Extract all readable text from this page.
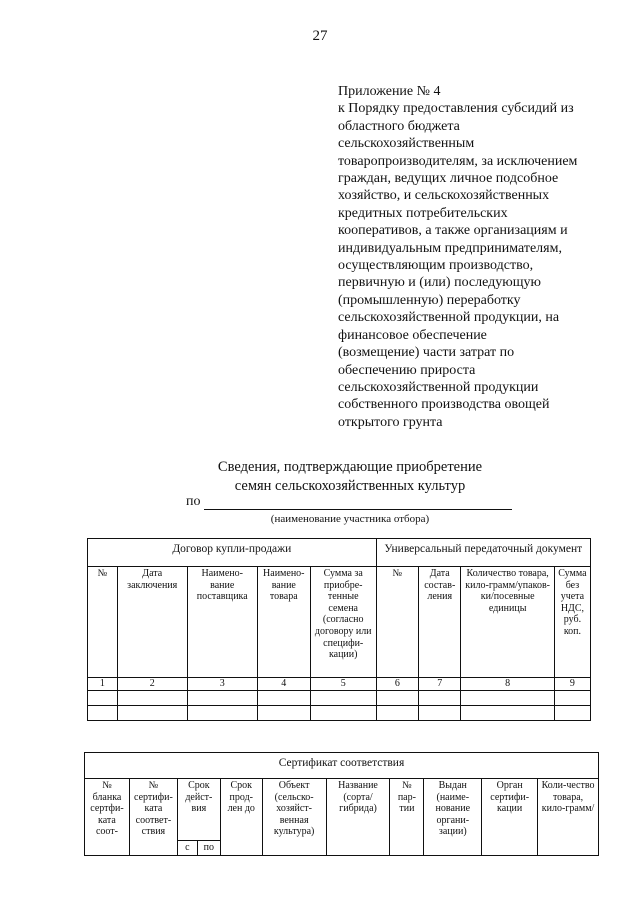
27
Приложение № 4
к Порядку предоставления субсидий из
областного бюджета
сельскохозяйственным
товаропроизводителям, за исключением
граждан, ведущих личное подсобное
хозяйство, и сельскохозяйственных
кредитных потребительских
кооперативов, а также организациям и
индивидуальным предпринимателям,
осуществляющим производство,
первичную и (или) последующую
(промышленную) переработку
сельскохозяйственной продукции, на
финансовое обеспечение
(возмещение) части затрат по
обеспечению прироста
сельскохозяйственной продукции
собственного производства овощей
открытого грунта
Сведения, подтверждающие приобретение
семян сельскохозяйственных культур
по
(наименование участника отбора)
Договор купли-продажи					Универсальный передаточный документ			
№	Дата заключения	Наимено-вание поставщика	Наимено-вание товара	Сумма за приобре-тенные семена (согласно договору или специфи-кации)	№	Дата состав-ления	Количество товара, кило-грамм/упаков-ки/посевные единицы	Сумма без учета НДС, руб. коп.
1	2	3	4	5	6	7	8	9

Сертификат соответствия										
№ бланка сертфи-ката соот-	№ сертифи-ката соответ-ствия	Срок дейст-вия		Срок прод-лен до	Объект (сельско-хозяйст-венная культура)	Название (сорта/ гибрида)	№ пар-тии	Выдан (наиме-нование органи-зации)	Орган сертифи-кации	Коли-чество товара, кило-грамм/
		с	по							
